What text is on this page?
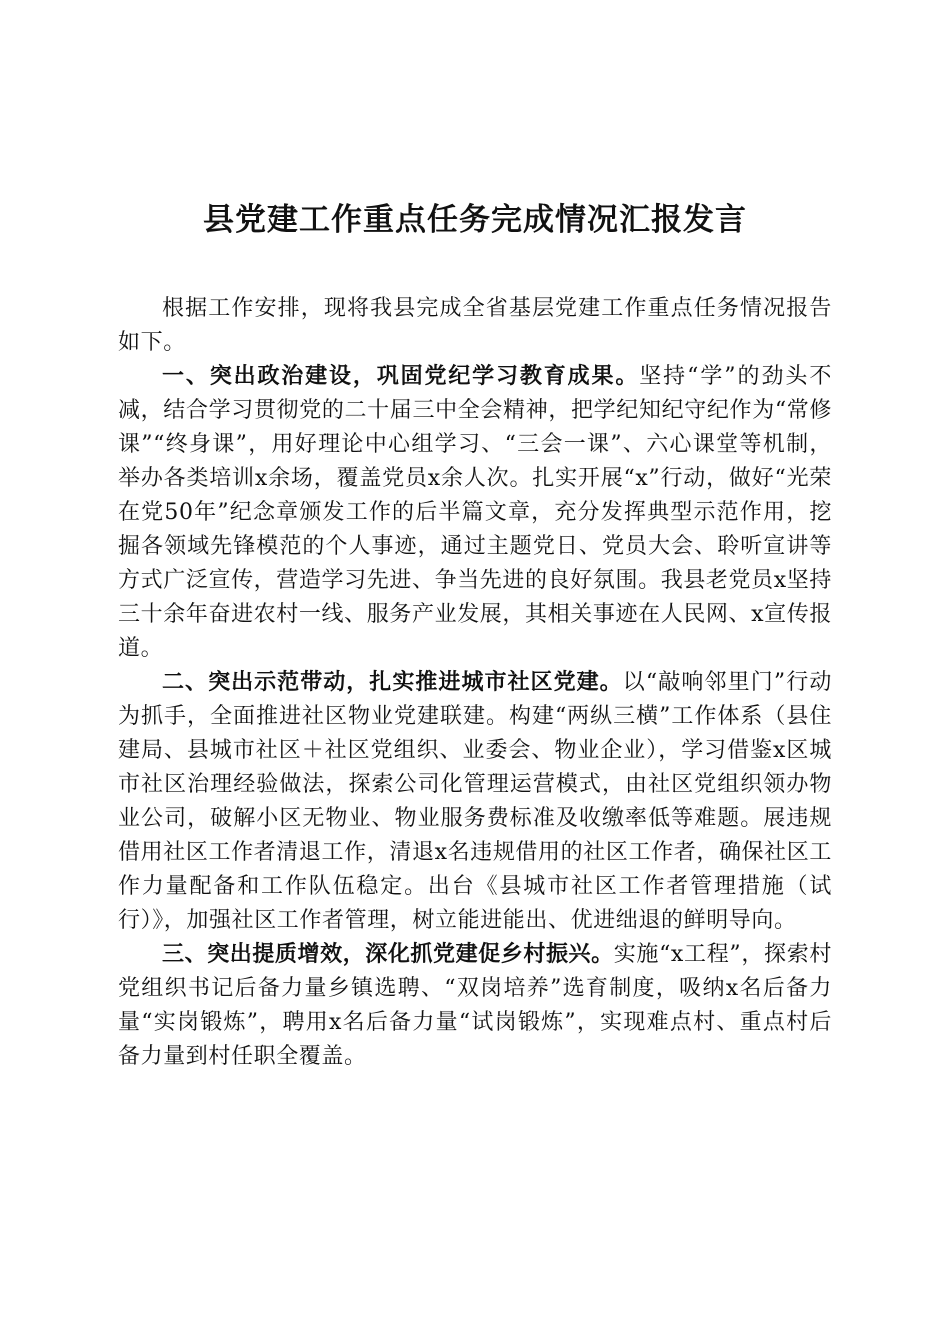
县党建工作重点任务完成情况汇报发言

根据工作安排，现将我县完成全省基层党建工作重点任务情况报告如下。

一、突出政治建设，巩固党纪学习教育成果。坚持“学”的劲头不减，结合学习贯彻党的二十届三中全会精神，把学纪知纪守纪作为“常修课”“终身课”，用好理论中心组学习、“三会一课”、六心课堂等机制，举办各类培训x余场，覆盖党员x余人次。扎实开展“x”行动，做好“光荣在党50年”纪念章颁发工作的后半篇文章，充分发挥典型示范作用，挖掘各领域先锋模范的个人事迹，通过主题党日、党员大会、聆听宣讲等方式广泛宣传，营造学习先进、争当先进的良好氛围。我县老党员x坚持三十余年奋进农村一线、服务产业发展，其相关事迹在人民网、x宣传报道。

二、突出示范带动，扎实推进城市社区党建。以“敲响邻里门”行动为抓手，全面推进社区物业党建联建。构建“两纵三横”工作体系（县住建局、县城市社区＋社区党组织、业委会、物业企业），学习借鉴x区城市社区治理经验做法，探索公司化管理运营模式，由社区党组织领办物业公司，破解小区无物业、物业服务费标准及收缴率低等难题。展违规借用社区工作者清退工作，清退x名违规借用的社区工作者，确保社区工作力量配备和工作队伍稳定。出台《县城市社区工作者管理措施（试行）》，加强社区工作者管理，树立能进能出、优进绌退的鲜明导向。

三、突出提质增效，深化抓党建促乡村振兴。实施“x工程”，探索村党组织书记后备力量乡镇选聘、“双岗培养”选育制度，吸纳x名后备力量“实岗锻炼”，聘用x名后备力量“试岗锻炼”，实现难点村、重点村后备力量到村任职全覆盖。
